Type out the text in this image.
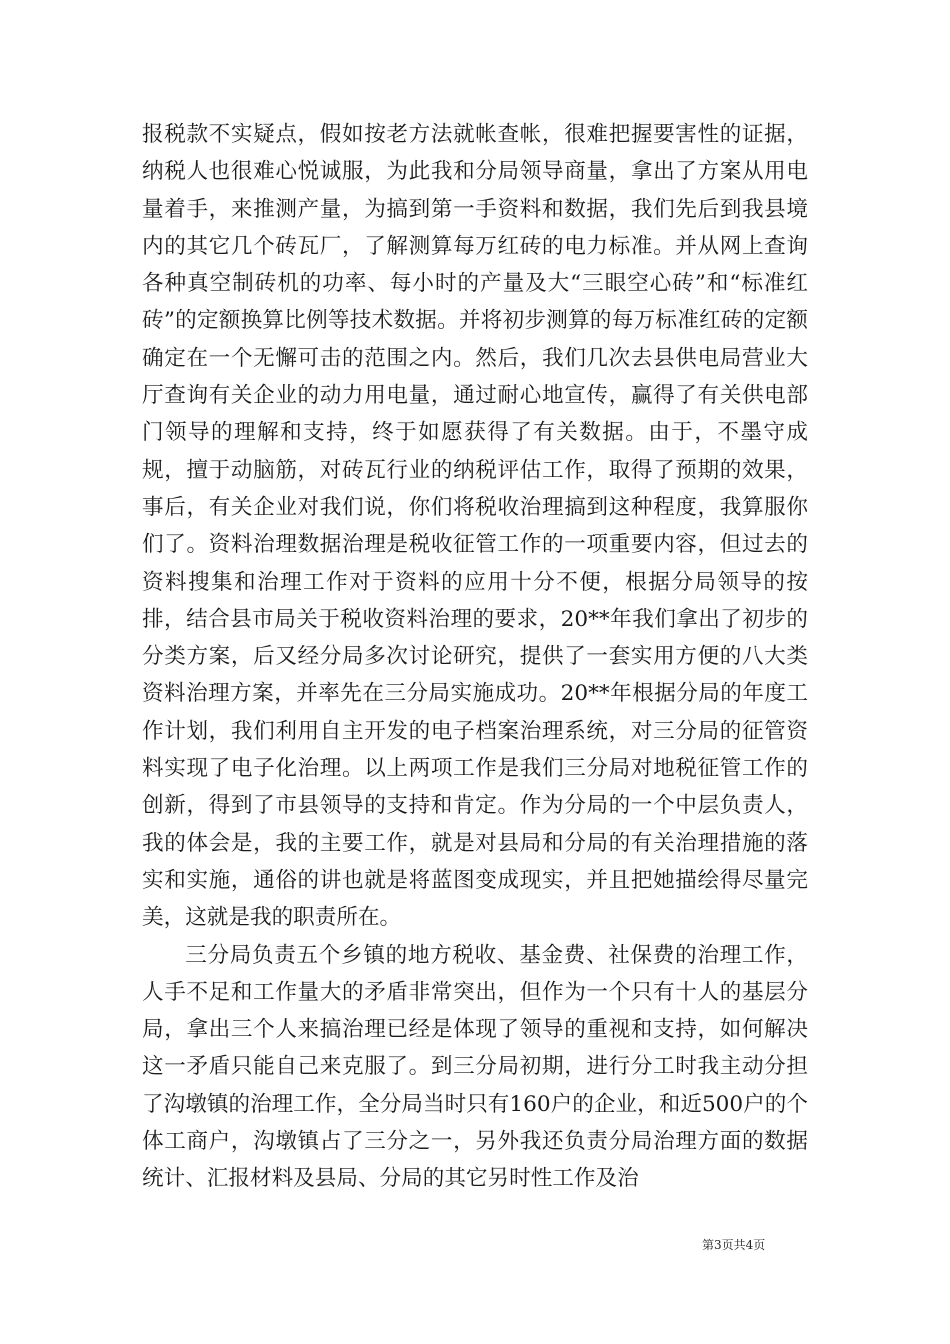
报税款不实疑点，假如按老方法就帐查帐，很难把握要害性的证据，纳税人也很难心悦诚服，为此我和分局领导商量，拿出了方案从用电量着手，来推测产量，为搞到第一手资料和数据，我们先后到我县境内的其它几个砖瓦厂，了解测算每万红砖的电力标准。并从网上查询各种真空制砖机的功率、每小时的产量及大“三眼空心砖”和“标准红砖”的定额换算比例等技术数据。并将初步测算的每万标准红砖的定额确定在一个无懈可击的范围之内。然后，我们几次去县供电局营业大厅查询有关企业的动力用电量，通过耐心地宣传，赢得了有关供电部门领导的理解和支持，终于如愿获得了有关数据。由于，不墨守成规，擅于动脑筋，对砖瓦行业的纳税评估工作，取得了预期的效果，事后，有关企业对我们说，你们将税收治理搞到这种程度，我算服你们了。资料治理数据治理是税收征管工作的一项重要内容，但过去的资料搜集和治理工作对于资料的应用十分不便，根据分局领导的按排，结合县市局关于税收资料治理的要求，20**年我们拿出了初步的分类方案，后又经分局多次讨论研究，提供了一套实用方便的八大类资料治理方案，并率先在三分局实施成功。20**年根据分局的年度工作计划，我们利用自主开发的电子档案治理系统，对三分局的征管资料实现了电子化治理。以上两项工作是我们三分局对地税征管工作的创新，得到了市县领导的支持和肯定。作为分局的一个中层负责人，我的体会是，我的主要工作，就是对县局和分局的有关治理措施的落实和实施，通俗的讲也就是将蓝图变成现实，并且把她描绘得尽量完美，这就是我的职责所在。

三分局负责五个乡镇的地方税收、基金费、社保费的治理工作，人手不足和工作量大的矛盾非常突出，但作为一个只有十人的基层分局，拿出三个人来搞治理已经是体现了领导的重视和支持，如何解决这一矛盾只能自己来克服了。到三分局初期，进行分工时我主动分担了沟墩镇的治理工作，全分局当时只有160户的企业，和近500户的个体工商户，沟墩镇占了三分之一，另外我还负责分局治理方面的数据统计、汇报材料及县局、分局的其它另时性工作及治

第3页共4页
